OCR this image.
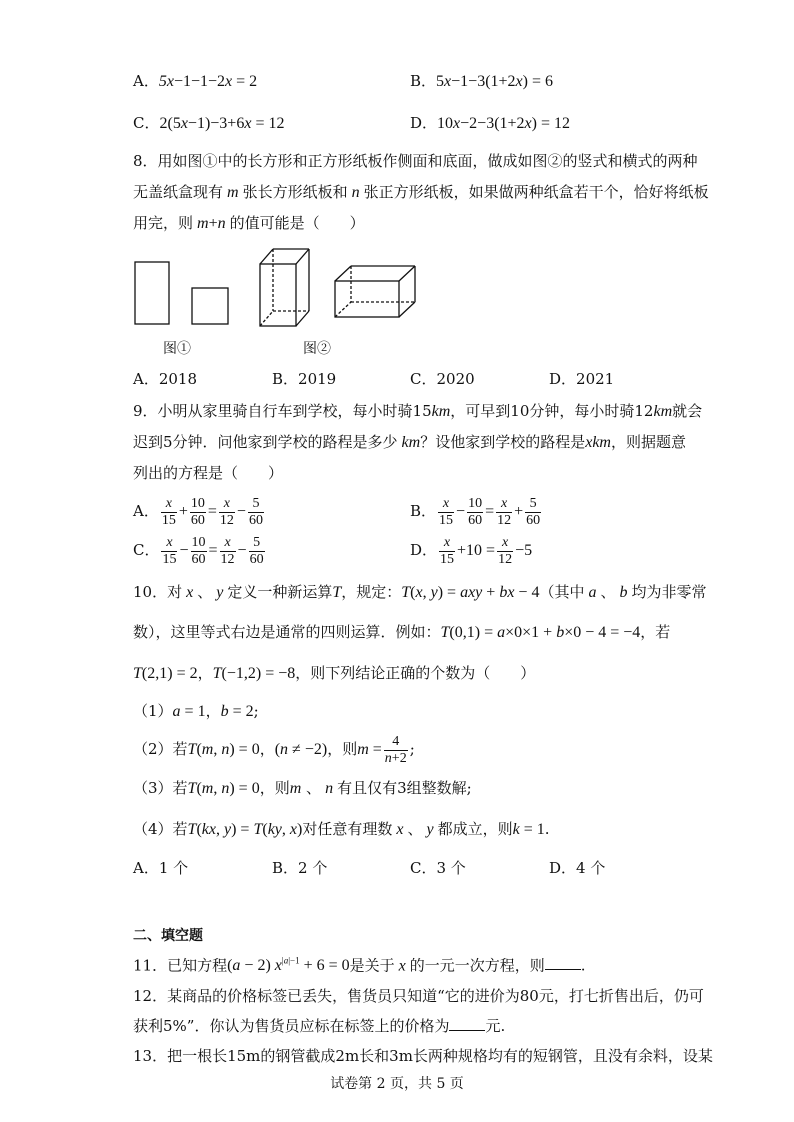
A．5x−1−1−2x = 2	B．5x−1−3(1+2x) = 6
C．2(5x−1)−3+6x = 12	D．10x−2−3(1+2x) = 12
8．用如图①中的长方形和正方形纸板作侧面和底面，做成如图②的竖式和横式的两种
无盖纸盒现有 m 张长方形纸板和 n 张正方形纸板，如果做两种纸盒若干个，恰好将纸板
用完，则 m+n 的值可能是（　　）
图①	图②
A．2018	B．2019	C．2020	D．2021
9．小明从家里骑自行车到学校，每小时骑15km，可早到10分钟，每小时骑12km就会
迟到5分钟．问他家到学校的路程是多少 km？设他家到学校的路程是xkm，则据题意
列出的方程是（　　）
A． $\frac{x}{15} + \frac{10}{60} = \frac{x}{12} - \frac{5}{60}$	B． $\frac{x}{15} - \frac{10}{60} = \frac{x}{12} + \frac{5}{60}$
C． $\frac{x}{15} - \frac{10}{60} = \frac{x}{12} - \frac{5}{60}$	D． $\frac{x}{15} +10 = \frac{x}{12} -5$
10．对 x 、 y 定义一种新运算T，规定：T(x, y) = axy + bx − 4（其中 a 、 b 均为非零常
数），这里等式右边是通常的四则运算．例如：T(0,1) = a×0×1 + b×0 − 4 = −4，若
T(2,1) = 2，T(−1,2) = −8，则下列结论正确的个数为（　　）
（1）a = 1，b = 2;
（2）若T(m, n) = 0，(n ≠ −2)，则$m = \frac{4}{n+2}$ ;
（3）若T(m, n) = 0，则m 、 n 有且仅有3组整数解;
（4）若T(kx, y) = T(ky, x)对任意有理数 x 、 y 都成立，则k = 1.
A．1 个	B．2 个	C．3 个	D．4 个
二、填空题
11．已知方程(a − 2) $x^{|a|-1} + 6 = 0$是关于 x 的一元一次方程，则 .
12．某商品的价格标签已丢失，售货员只知道“它的进价为80元，打七折售出后，仍可
获利5%”．你认为售货员应标在标签上的价格为 元.
13．把一根长15m的钢管截成2m长和3m长两种规格均有的短钢管，且没有余料，设某
试卷第 2 页，共 5 页
